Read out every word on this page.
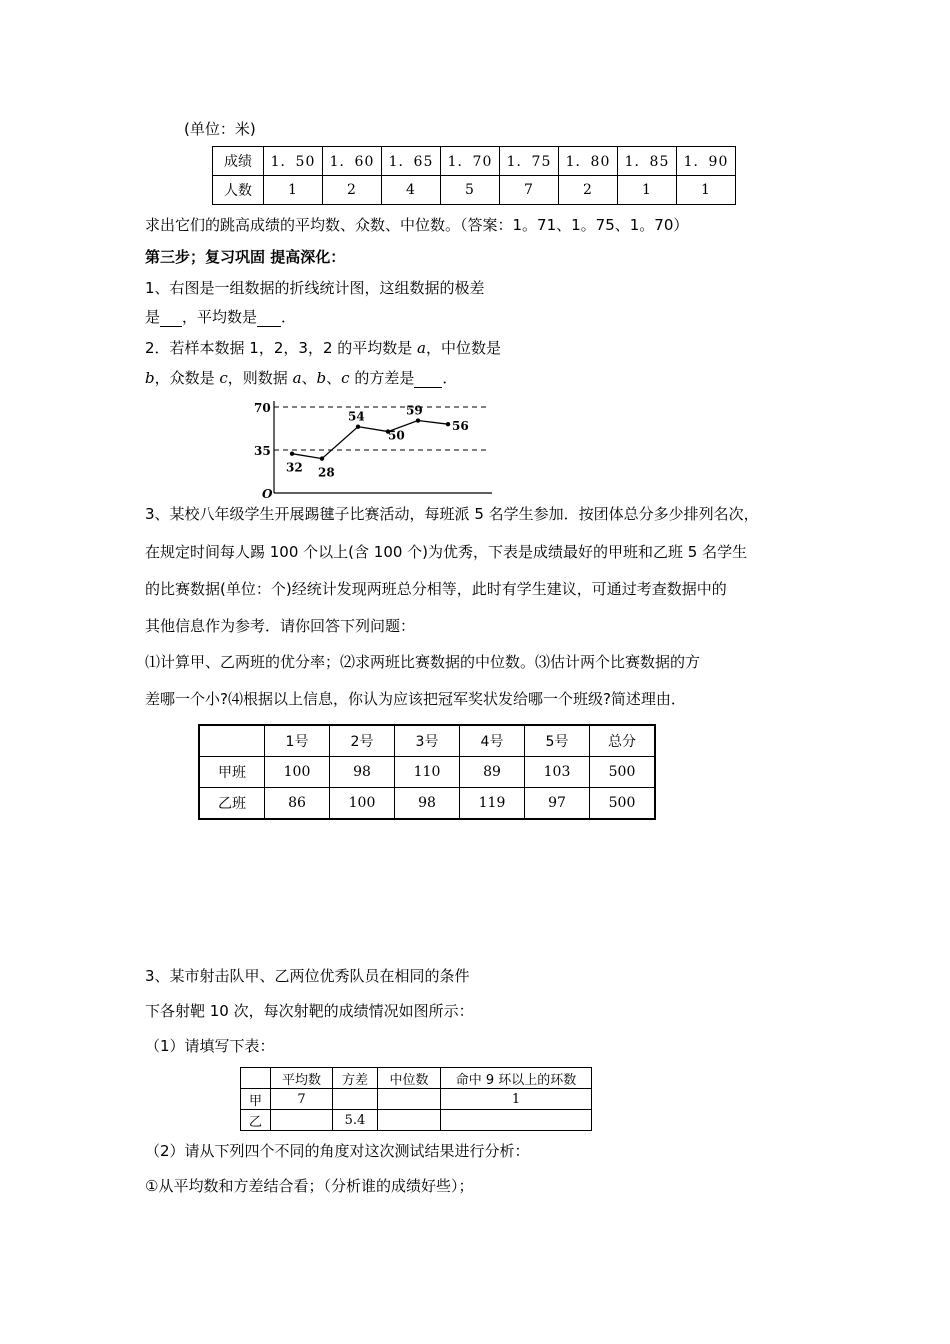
(单位：米)
成绩	1．50	1．60	1．65	1．70	1．75	1．80	1．85	1．90
人数	1	2	4	5	7	2	1	1
求出它们的跳高成绩的平均数、众数、中位数。（答案：1。71、1。75、1。70）
第三步；复习巩固 提高深化：
1、右图是一组数据的折线统计图，这组数据的极差
是 ，平均数是 ．
2．若样本数据 1，2，3，2 的平均数是 a，中位数是
b，众数是 c，则数据 a、b、c 的方差是 ．
70
35
O
32 28
54
50
59
56
3、某校八年级学生开展踢毽子比赛活动，每班派 5 名学生参加．按团体总分多少排列名次，
在规定时间每人踢 100 个以上(含 100 个)为优秀，下表是成绩最好的甲班和乙班 5 名学生
的比赛数据(单位：个)经统计发现两班总分相等，此时有学生建议，可通过考查数据中的
其他信息作为参考．请你回答下列问题：
⑴计算甲、乙两班的优分率；⑵求两班比赛数据的中位数。⑶估计两个比赛数据的方
差哪一个小?⑷根据以上信息，你认为应该把冠军奖状发给哪一个班级?简述理由．
	1号	2号	3号	4号	5号	总分
甲班	100	98	110	89	103	500
乙班	86	100	98	119	97	500
3、某市射击队甲、乙两位优秀队员在相同的条件
下各射靶 10 次，每次射靶的成绩情况如图所示：
（1）请填写下表：
	平均数	方差	中位数	命中 9 环以上的环数
甲	7			1
乙		5.4		
（2）请从下列四个不同的角度对这次测试结果进行分析：
①从平均数和方差结合看；（分析谁的成绩好些）；
